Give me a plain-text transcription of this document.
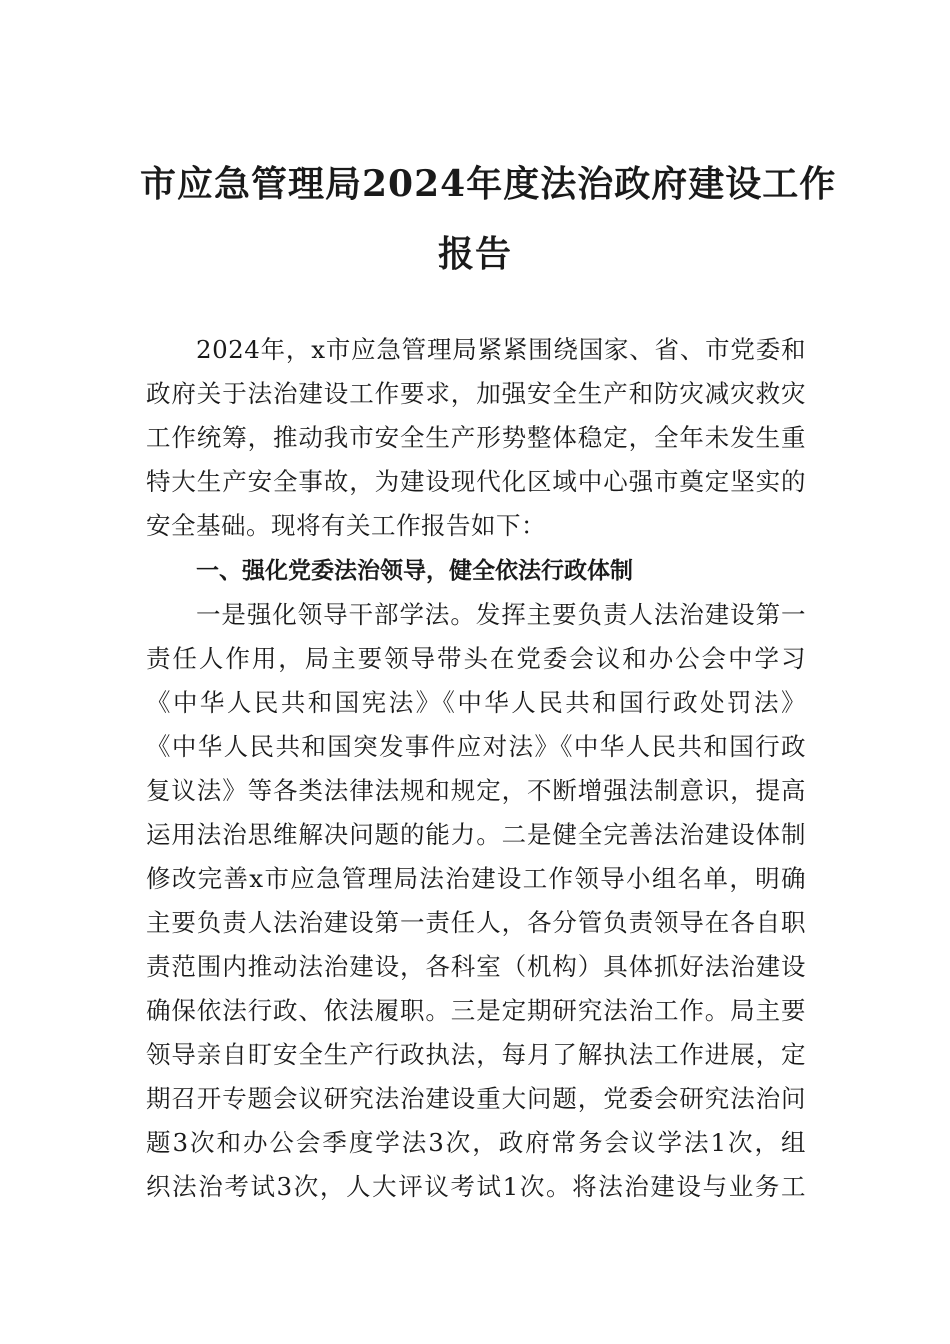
市应急管理局2024年度法治政府建设工作
报告
2024年，x市应急管理局紧紧围绕国家、省、市党委和
政府关于法治建设工作要求，加强安全生产和防灾减灾救灾
工作统筹，推动我市安全生产形势整体稳定，全年未发生重
特大生产安全事故，为建设现代化区域中心强市奠定坚实的
安全基础。现将有关工作报告如下：
一、强化党委法治领导，健全依法行政体制
一是强化领导干部学法。发挥主要负责人法治建设第一
责任人作用，局主要领导带头在党委会议和办公会中学习
《中华人民共和国宪法》《中华人民共和国行政处罚法》
《中华人民共和国突发事件应对法》《中华人民共和国行政
复议法》等各类法律法规和规定，不断增强法制意识，提高
运用法治思维解决问题的能力。二是健全完善法治建设体制
修改完善x市应急管理局法治建设工作领导小组名单，明确
主要负责人法治建设第一责任人，各分管负责领导在各自职
责范围内推动法治建设，各科室（机构）具体抓好法治建设
确保依法行政、依法履职。三是定期研究法治工作。局主要
领导亲自盯安全生产行政执法，每月了解执法工作进展，定
期召开专题会议研究法治建设重大问题，党委会研究法治问
题3次和办公会季度学法3次，政府常务会议学法1次，组
织法治考试3次，人大评议考试1次。将法治建设与业务工
